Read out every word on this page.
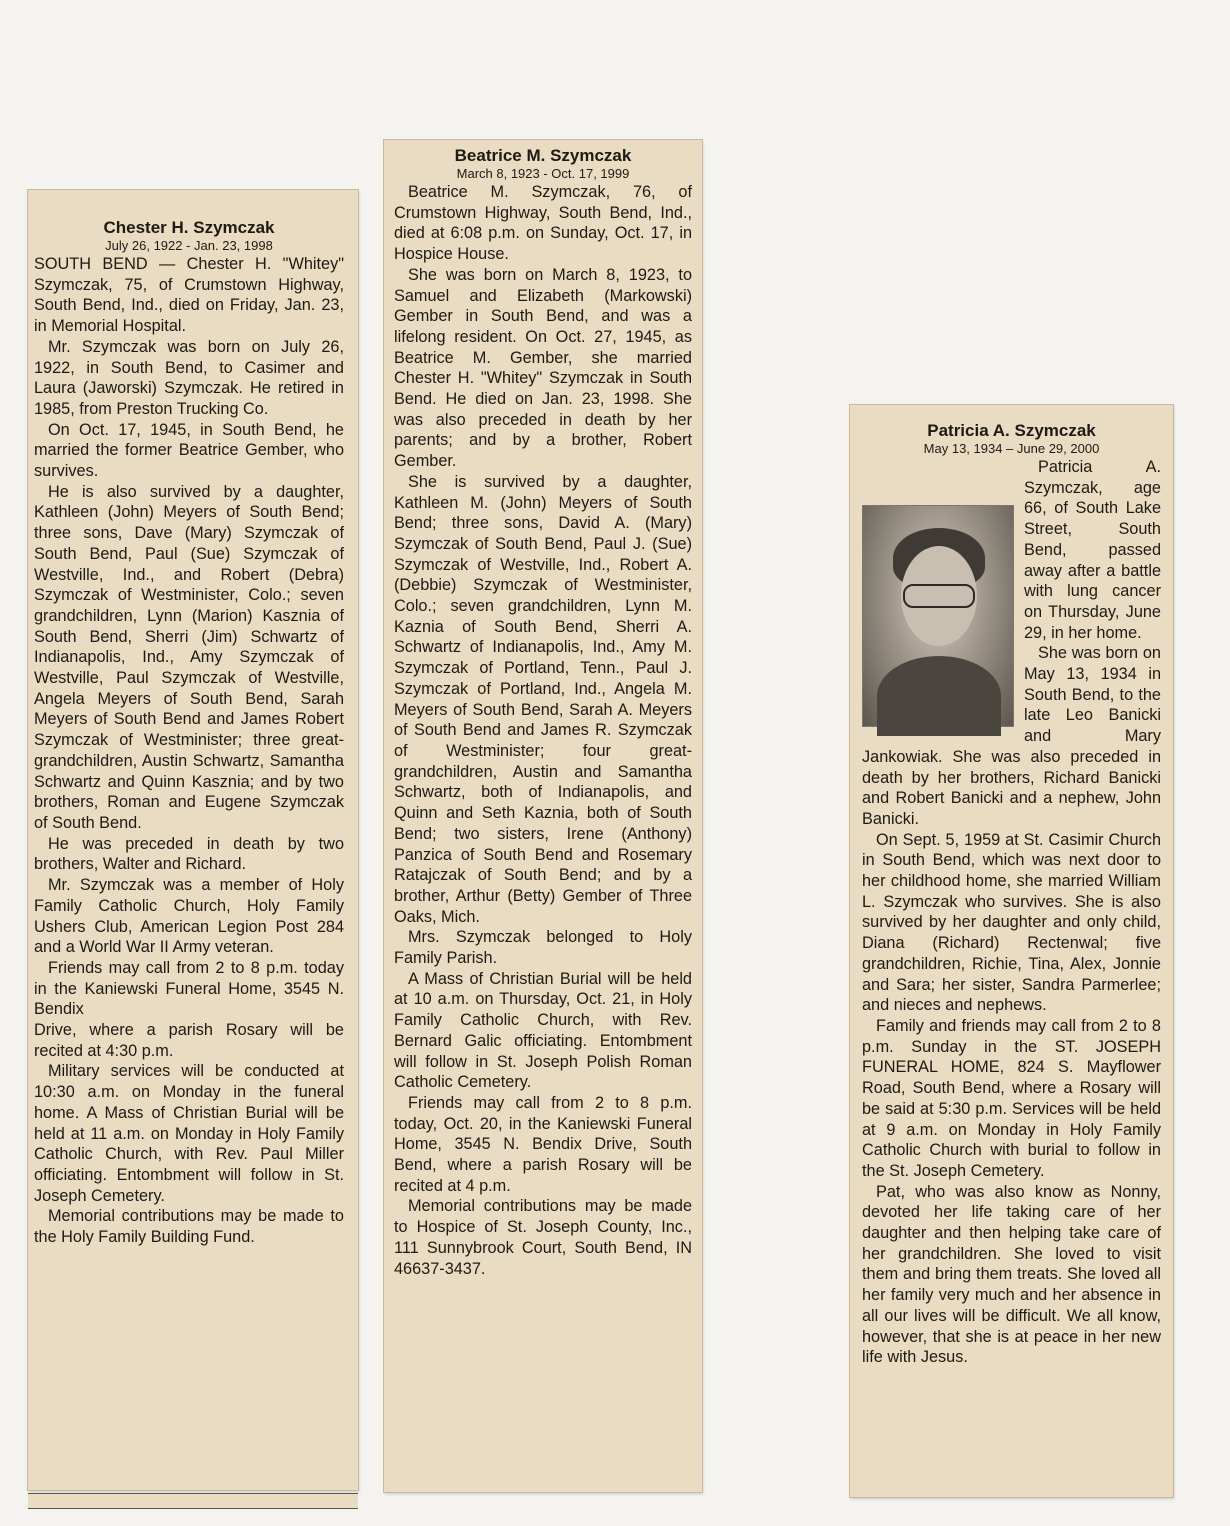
Chester H. Szymczak
July 26, 1922 - Jan. 23, 1998

SOUTH BEND — Chester H. "Whitey" Szymczak, 75, of Crumstown Highway, South Bend, Ind., died on Friday, Jan. 23, in Memorial Hospital.

Mr. Szymczak was born on July 26, 1922, in South Bend, to Casimer and Laura (Jaworski) Szymczak. He retired in 1985, from Preston Trucking Co.

On Oct. 17, 1945, in South Bend, he married the former Beatrice Gember, who survives.

He is also survived by a daughter, Kathleen (John) Meyers of South Bend; three sons, Dave (Mary) Szymczak of South Bend, Paul (Sue) Szymczak of Westville, Ind., and Robert (Debra) Szymczak of Westminister, Colo.; seven grandchildren, Lynn (Marion) Kasznia of South Bend, Sherri (Jim) Schwartz of Indianapolis, Ind., Amy Szymczak of Westville, Paul Szymczak of Westville, Angela Meyers of South Bend, Sarah Meyers of South Bend and James Robert Szymczak of Westminister; three great-grandchildren, Austin Schwartz, Samantha Schwartz and Quinn Kasznia; and by two brothers, Roman and Eugene Szymczak of South Bend.

He was preceded in death by two brothers, Walter and Richard.

Mr. Szymczak was a member of Holy Family Catholic Church, Holy Family Ushers Club, American Legion Post 284 and a World War II Army veteran.

Friends may call from 2 to 8 p.m. today in the Kaniewski Funeral Home, 3545 N. Bendix

Drive, where a parish Rosary will be recited at 4:30 p.m.

Military services will be conducted at 10:30 a.m. on Monday in the funeral home. A Mass of Christian Burial will be held at 11 a.m. on Monday in Holy Family Catholic Church, with Rev. Paul Miller officiating. Entombment will follow in St. Joseph Cemetery.

Memorial contributions may be made to the Holy Family Building Fund.

Beatrice M. Szymczak
March 8, 1923 - Oct. 17, 1999

Beatrice M. Szymczak, 76, of Crumstown Highway, South Bend, Ind., died at 6:08 p.m. on Sunday, Oct. 17, in Hospice House.

She was born on March 8, 1923, to Samuel and Elizabeth (Markowski) Gember in South Bend, and was a lifelong resident. On Oct. 27, 1945, as Beatrice M. Gember, she married Chester H. "Whitey" Szymczak in South Bend. He died on Jan. 23, 1998. She was also preceded in death by her parents; and by a brother, Robert Gember.

She is survived by a daughter, Kathleen M. (John) Meyers of South Bend; three sons, David A. (Mary) Szymczak of South Bend, Paul J. (Sue) Szymczak of Westville, Ind., Robert A. (Debbie) Szymczak of Westminister, Colo.; seven grandchildren, Lynn M. Kaznia of South Bend, Sherri A. Schwartz of Indianapolis, Ind., Amy M. Szymczak of Portland, Tenn., Paul J. Szymczak of Portland, Ind., Angela M. Meyers of South Bend, Sarah A. Meyers of South Bend and James R. Szymczak of Westminister; four great-grandchildren, Austin and Samantha Schwartz, both of Indianapolis, and Quinn and Seth Kaznia, both of South Bend; two sisters, Irene (Anthony) Panzica of South Bend and Rosemary Ratajczak of South Bend; and by a brother, Arthur (Betty) Gember of Three Oaks, Mich.

Mrs. Szymczak belonged to Holy Family Parish.

A Mass of Christian Burial will be held at 10 a.m. on Thursday, Oct. 21, in Holy Family Catholic Church, with Rev. Bernard Galic officiating. Entombment will follow in St. Joseph Polish Roman Catholic Cemetery.

Friends may call from 2 to 8 p.m. today, Oct. 20, in the Kaniewski Funeral Home, 3545 N. Bendix Drive, South Bend, where a parish Rosary will be recited at 4 p.m.

Memorial contributions may be made to Hospice of St. Joseph County, Inc., 111 Sunnybrook Court, South Bend, IN 46637-3437.

Patricia A. Szymczak
May 13, 1934 – June 29, 2000

Patricia A. Szymczak, age 66, of South Lake Street, South Bend, passed away after a battle with lung cancer on Thursday, June 29, in her home.

She was born on May 13, 1934 in South Bend, to the late Leo Banicki and Mary Jankowiak. She was also preceded in death by her brothers, Richard Banicki and Robert Banicki and a nephew, John Banicki.

On Sept. 5, 1959 at St. Casimir Church in South Bend, which was next door to her childhood home, she married William L. Szymczak who survives. She is also survived by her daughter and only child, Diana (Richard) Rectenwal; five grandchildren, Richie, Tina, Alex, Jonnie and Sara; her sister, Sandra Parmerlee; and nieces and nephews.

Family and friends may call from 2 to 8 p.m. Sunday in the ST. JOSEPH FUNERAL HOME, 824 S. Mayflower Road, South Bend, where a Rosary will be said at 5:30 p.m. Services will be held at 9 a.m. on Monday in Holy Family Catholic Church with burial to follow in the St. Joseph Cemetery.

Pat, who was also know as Nonny, devoted her life taking care of her daughter and then helping take care of her grandchildren. She loved to visit them and bring them treats. She loved all her family very much and her absence in all our lives will be difficult. We all know, however, that she is at peace in her new life with Jesus.
